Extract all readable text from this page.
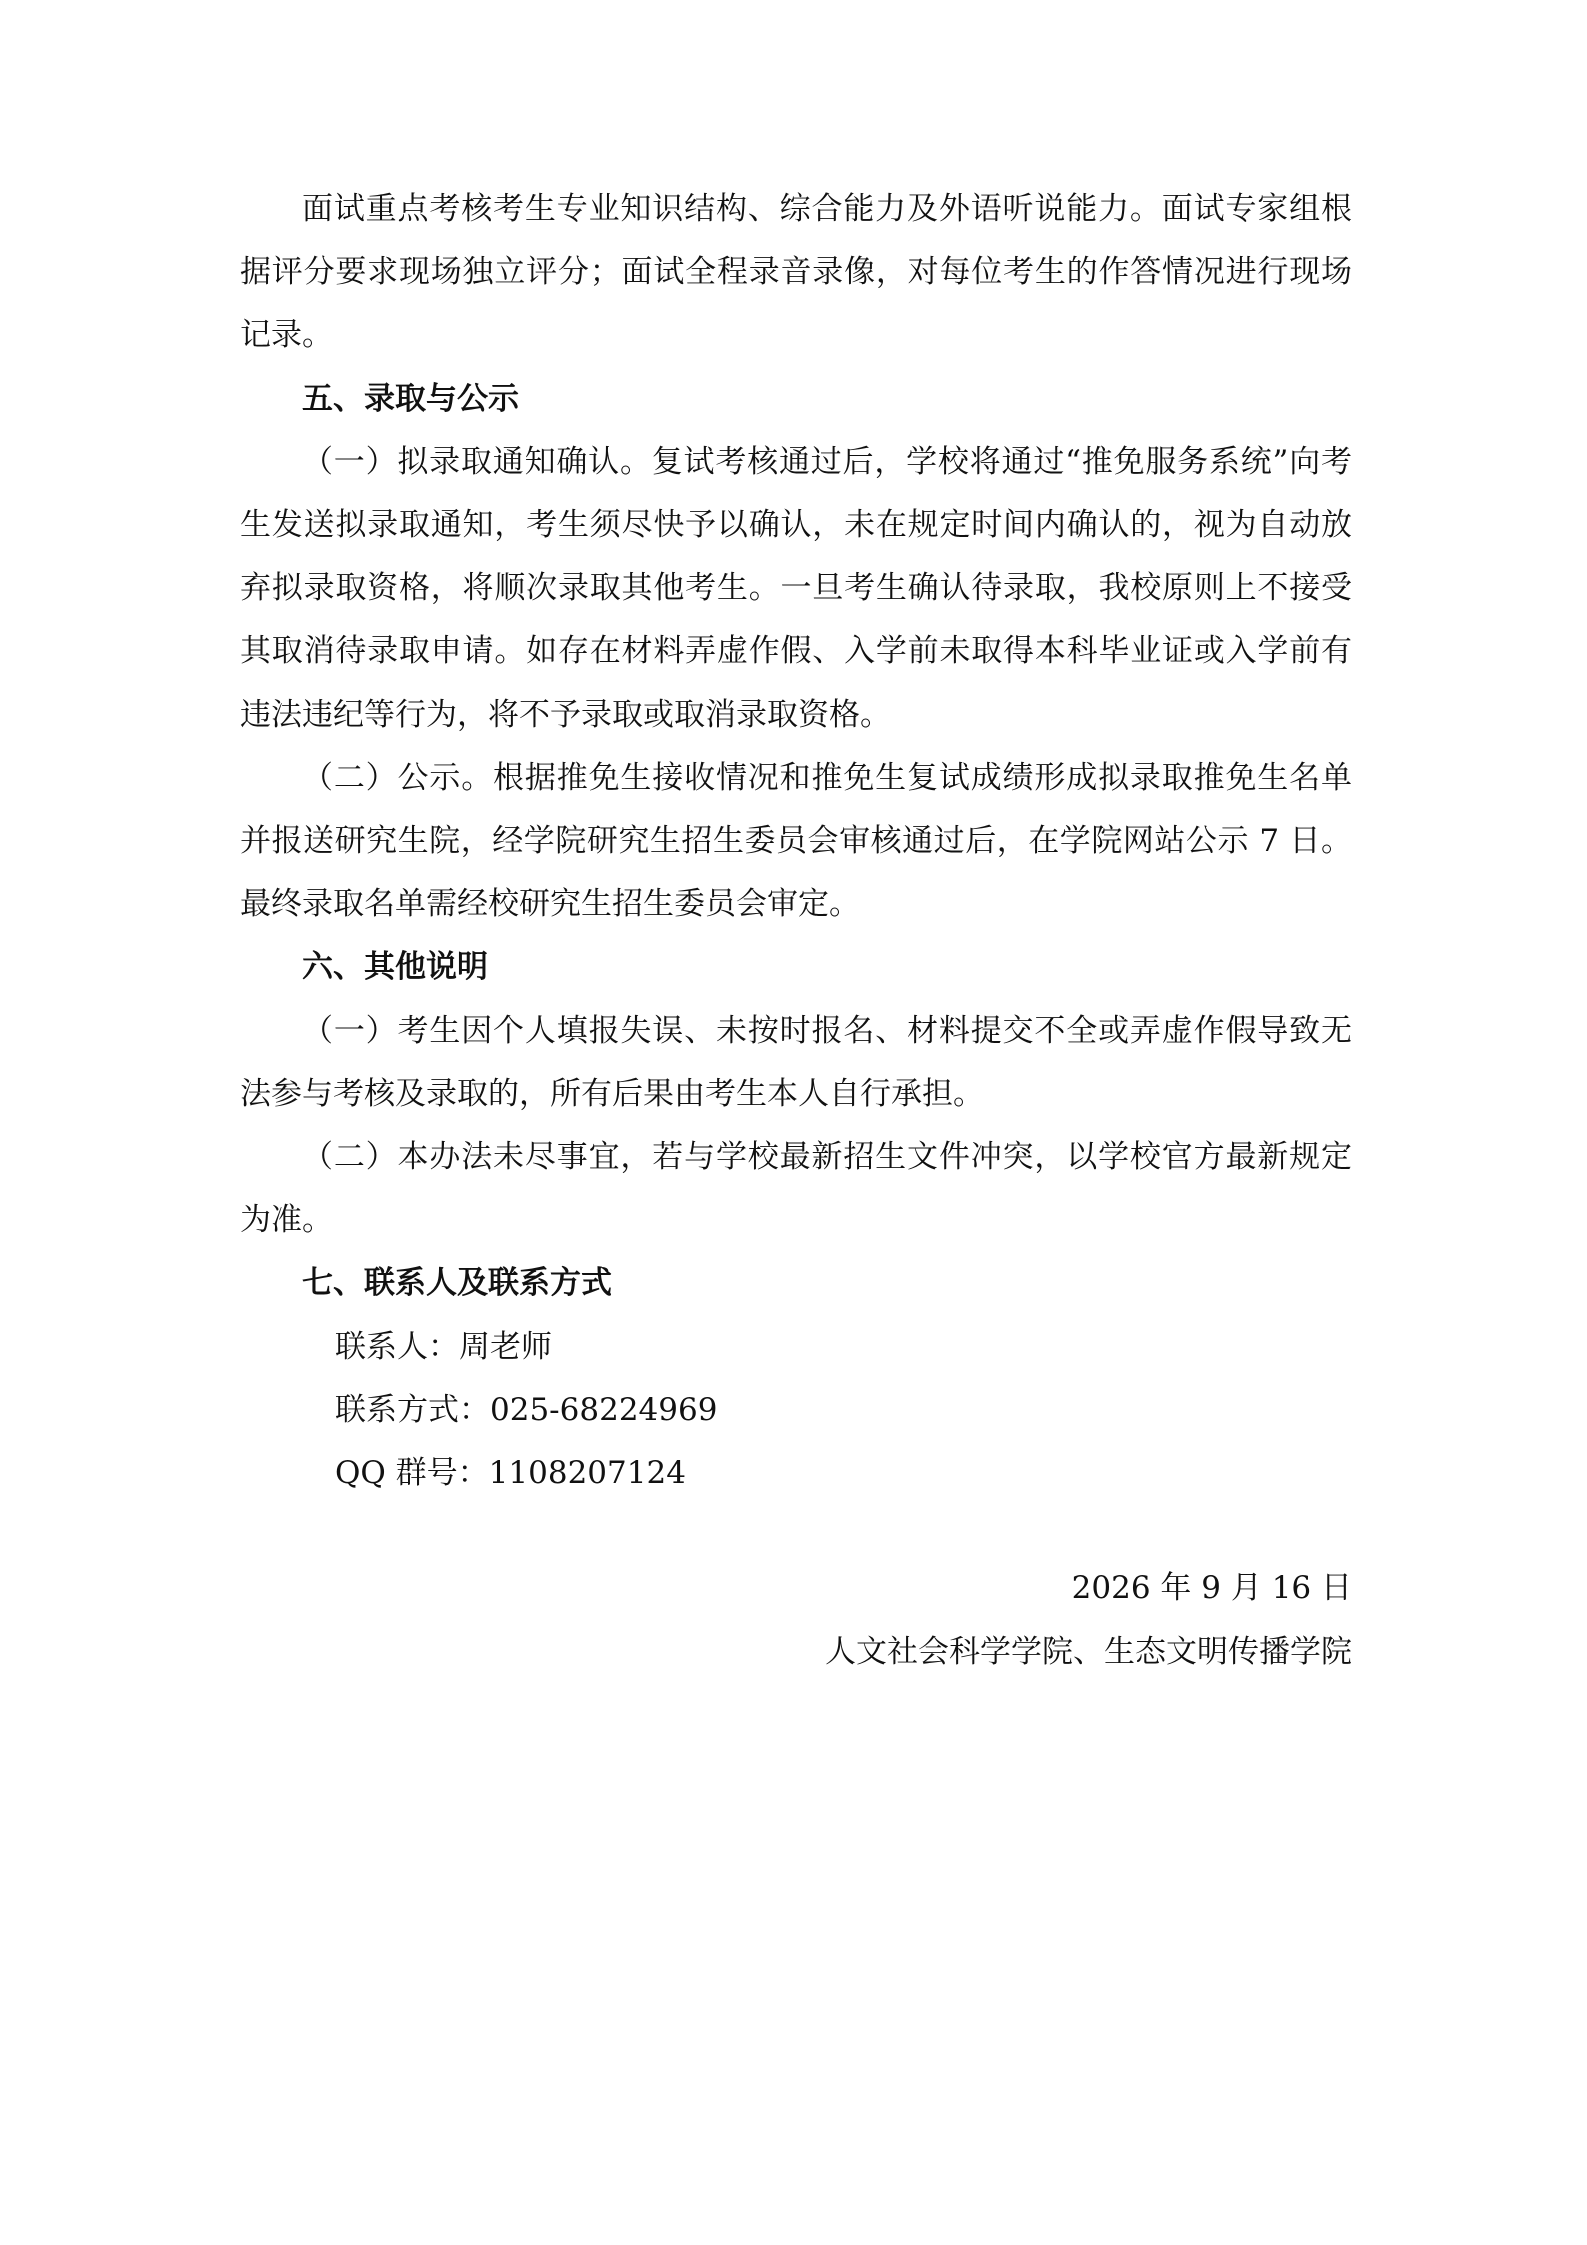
面试重点考核考生专业知识结构、综合能力及外语听说能力。面试专家组根据评分要求现场独立评分；面试全程录音录像，对每位考生的作答情况进行现场记录。

五、录取与公示

（一）拟录取通知确认。复试考核通过后，学校将通过“推免服务系统”向考生发送拟录取通知，考生须尽快予以确认，未在规定时间内确认的，视为自动放弃拟录取资格，将顺次录取其他考生。一旦考生确认待录取，我校原则上不接受其取消待录取申请。如存在材料弄虚作假、入学前未取得本科毕业证或入学前有违法违纪等行为，将不予录取或取消录取资格。

（二）公示。根据推免生接收情况和推免生复试成绩形成拟录取推免生名单并报送研究生院，经学院研究生招生委员会审核通过后，在学院网站公示 7 日。最终录取名单需经校研究生招生委员会审定。

六、其他说明

（一）考生因个人填报失误、未按时报名、材料提交不全或弄虚作假导致无法参与考核及录取的，所有后果由考生本人自行承担。

（二）本办法未尽事宜，若与学校最新招生文件冲突，以学校官方最新规定为准。

七、联系人及联系方式

联系人：周老师

联系方式：025-68224969

QQ 群号：1108207124

2026 年 9 月 16 日

人文社会科学学院、生态文明传播学院
